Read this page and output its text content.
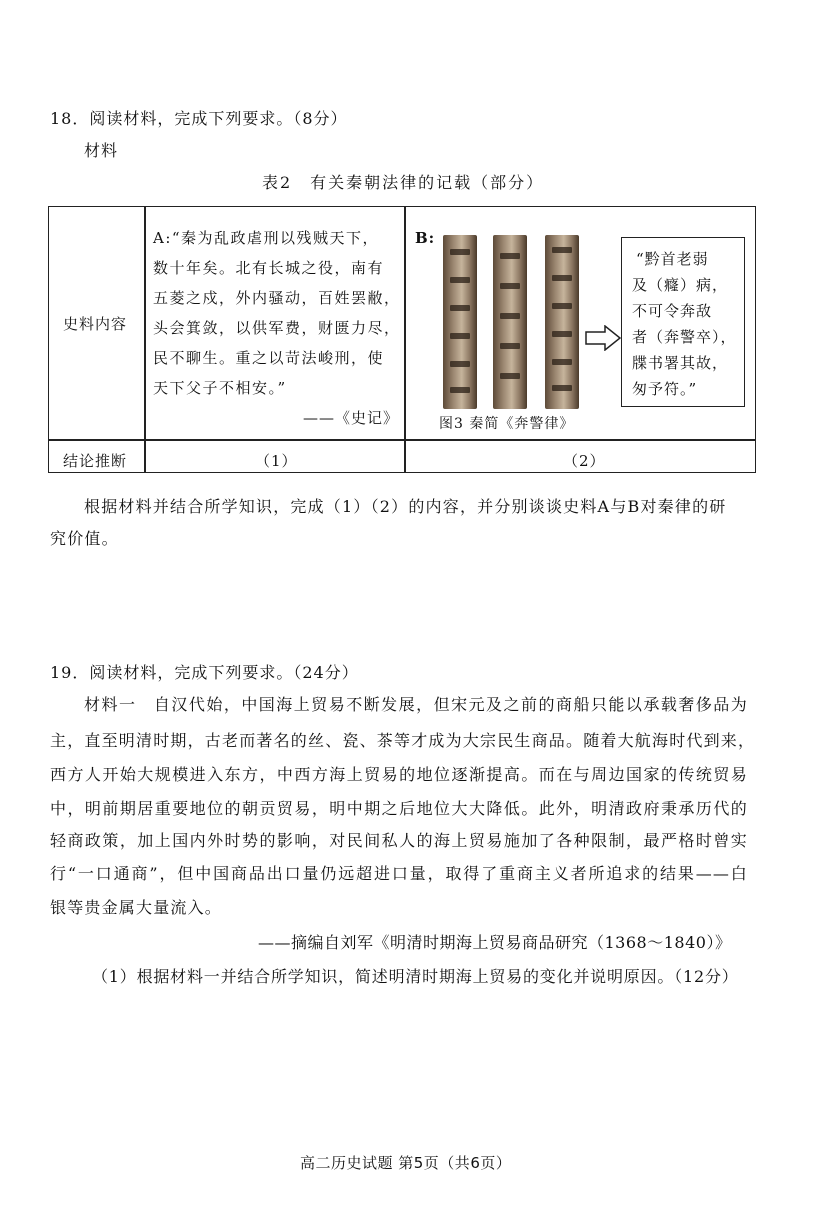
18．阅读材料，完成下列要求。（8分）
材料
表2　有关秦朝法律的记载（部分）
史料内容
结论推断
A:“秦为乱政虐刑以残贼天下，
数十年矣。北有长城之役，南有
五菱之戍，外内骚动，百姓罢敝，
头会箕敛，以供军费，财匮力尽，
民不聊生。重之以苛法峻刑，使
天下父子不相安。”
——《史记》
B:
“黔首老弱
及（癃）病，
不可令奔敌
者（奔警卒），
牒书署其故，
匆予符。”
图3 秦简《奔警律》
（1）	（2）
根据材料并结合所学知识，完成（1）（2）的内容，并分别谈谈史料A与B对秦律的研
究价值。
19．阅读材料，完成下列要求。（24分）
材料一　自汉代始，中国海上贸易不断发展，但宋元及之前的商船只能以承载奢侈品为
主，直至明清时期，古老而著名的丝、瓷、茶等才成为大宗民生商品。随着大航海时代到来，
西方人开始大规模进入东方，中西方海上贸易的地位逐渐提高。而在与周边国家的传统贸易
中，明前期居重要地位的朝贡贸易，明中期之后地位大大降低。此外，明清政府秉承历代的
轻商政策，加上国内外时势的影响，对民间私人的海上贸易施加了各种限制，最严格时曾实
行“一口通商”，但中国商品出口量仍远超进口量，取得了重商主义者所追求的结果——白
银等贵金属大量流入。
——摘编自刘军《明清时期海上贸易商品研究（1368～1840）》
（1）根据材料一并结合所学知识，简述明清时期海上贸易的变化并说明原因。（12分）
高二历史试题 第5页（共6页）
